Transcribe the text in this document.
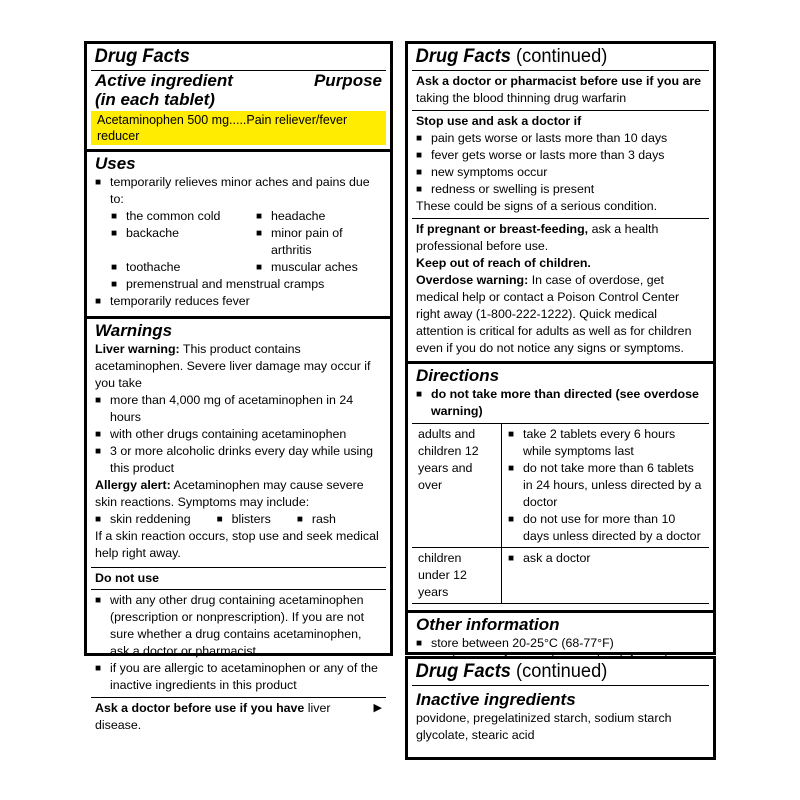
Drug Facts
Active ingredient	Purpose
(in each tablet)
Acetaminophen 500 mg.....Pain reliever/fever reducer
Uses
■ temporarily relieves minor aches and pains due to:
■ the common cold	■ headache
■ backache	■ minor pain of arthritis
■ toothache	■ muscular aches
■ premenstrual and menstrual cramps
■ temporarily reduces fever
Warnings
Liver warning: This product contains acetaminophen. Severe liver damage may occur if you take
■ more than 4,000 mg of acetaminophen in 24 hours
■ with other drugs containing acetaminophen
■ 3 or more alcoholic drinks every day while using this product
Allergy alert: Acetaminophen may cause severe skin reactions. Symptoms may include:
■ skin reddening	■ blisters	■ rash
If a skin reaction occurs, stop use and seek medical help right away.
Do not use
■ with any other drug containing acetaminophen (prescription or nonprescription). If you are not sure whether a drug contains acetaminophen, ask a doctor or pharmacist.
■ if you are allergic to acetaminophen or any of the inactive ingredients in this product
Ask a doctor before use if you have liver disease.
▶
Drug Facts (continued)
Ask a doctor or pharmacist before use if you are
taking the blood thinning drug warfarin
Stop use and ask a doctor if
■ pain gets worse or lasts more than 10 days
■ fever gets worse or lasts more than 3 days
■ new symptoms occur
■ redness or swelling is present
These could be signs of a serious condition.
If pregnant or breast-feeding, ask a health professional before use.
Keep out of reach of children.
Overdose warning: In case of overdose, get medical help or contact a Poison Control Center right away (1-800-222-1222). Quick medical attention is critical for adults as well as for children even if you do not notice any signs or symptoms.
Directions
■ do not take more than directed (see overdose warning)
adults and children 12 years and over
■ take 2 tablets every 6 hours while symptoms last
■ do not take more than 6 tablets in 24 hours, unless directed by a doctor
■ do not use for more than 10 days unless directed by a doctor
children under 12 years
■ ask a doctor
Other information
■ store between 20-25°C (68-77°F)
■
Drug Facts (continued)
Inactive ingredients
povidone, pregelatinized starch, sodium starch glycolate, stearic acid
